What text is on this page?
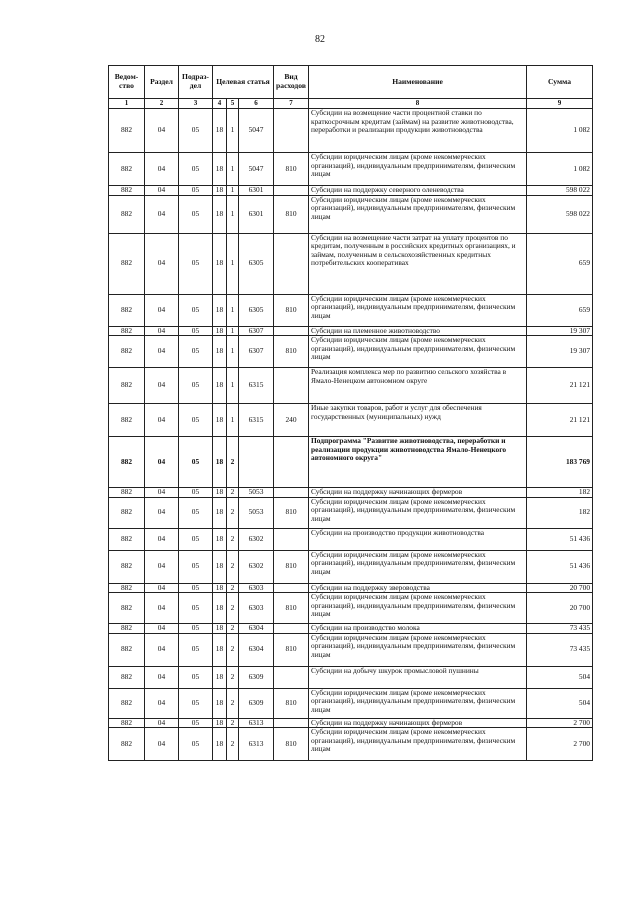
82
Ведом-ство	Раздел	Подраз-дел	Целевая статья			Вид расходов	Наименование	Сумма
1	2	3	4	5	6	7	8	9
882	04	05	18	1	5047		Субсидии на возмещение части процентной ставки по краткосрочным кредитам (займам) на развитие животноводства, переработки и реализации продукции животноводства	1 082
882	04	05	18	1	5047	810	Субсидии юридическим лицам (кроме некоммерческих организаций), индивидуальным предпринимателям, физическим лицам	1 082
882	04	05	18	1	6301		Субсидии на поддержку северного оленеводства	598 022
882	04	05	18	1	6301	810	Субсидии юридическим лицам (кроме некоммерческих организаций), индивидуальным предпринимателям, физическим лицам	598 022
882	04	05	18	1	6305		Субсидии на возмещение части затрат на уплату процентов по кредитам, полученным в российских кредитных организациях, и займам, полученным в сельскохозяйственных кредитных потребительских кооперативах	659
882	04	05	18	1	6305	810	Субсидии юридическим лицам (кроме некоммерческих организаций), индивидуальным предпринимателям, физическим лицам	659
882	04	05	18	1	6307		Субсидии на племенное животноводство	19 307
882	04	05	18	1	6307	810	Субсидии юридическим лицам (кроме некоммерческих организаций), индивидуальным предпринимателям, физическим лицам	19 307
882	04	05	18	1	6315		Реализация комплекса мер по развитию сельского хозяйства в Ямало-Ненецком автономном округе	21 121
882	04	05	18	1	6315	240	Иные закупки товаров, работ и услуг для обеспечения государственных (муниципальных) нужд	21 121
882	04	05	18	2			Подпрограмма "Развитие животноводства, переработки и реализации продукции животноводства Ямало-Ненецкого автономного округа"	183 769
882	04	05	18	2	5053		Субсидии на поддержку начинающих фермеров	182
882	04	05	18	2	5053	810	Субсидии юридическим лицам (кроме некоммерческих организаций), индивидуальным предпринимателям, физическим лицам	182
882	04	05	18	2	6302		Субсидии на производство продукции животноводства	51 436
882	04	05	18	2	6302	810	Субсидии юридическим лицам (кроме некоммерческих организаций), индивидуальным предпринимателям, физическим лицам	51 436
882	04	05	18	2	6303		Субсидии на поддержку звероводства	20 700
882	04	05	18	2	6303	810	Субсидии юридическим лицам (кроме некоммерческих организаций), индивидуальным предпринимателям, физическим лицам	20 700
882	04	05	18	2	6304		Субсидии на производство молока	73 435
882	04	05	18	2	6304	810	Субсидии юридическим лицам (кроме некоммерческих организаций), индивидуальным предпринимателям, физическим лицам	73 435
882	04	05	18	2	6309		Субсидии на добычу шкурок промысловой пушнины	504
882	04	05	18	2	6309	810	Субсидии юридическим лицам (кроме некоммерческих организаций), индивидуальным предпринимателям, физическим лицам	504
882	04	05	18	2	6313		Субсидии на поддержку начинающих фермеров	2 700
882	04	05	18	2	6313	810	Субсидии юридическим лицам (кроме некоммерческих организаций), индивидуальным предпринимателям, физическим лицам	2 700
